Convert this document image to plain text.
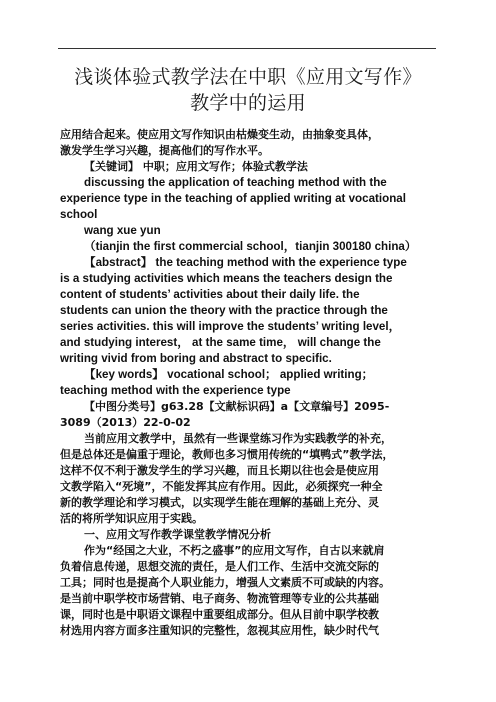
浅谈体验式教学法在中职《应用文写作》
教学中的运用
应用结合起来。使应用文写作知识由枯燥变生动，由抽象变具体，
激发学生学习兴趣，提高他们的写作水平。
【关键词】 中职；应用文写作；体验式教学法
discussing the application of teaching method with the
experience type in the teaching of applied writing at vocational
school
wang xue yun
（tianjin the first commercial school，tianjin 300180 china）
【abstract】 the teaching method with the experience type
is a studying activities which means the teachers design the
content of students’ activities about their daily life. the
students can union the theory with the practice through the
series activities. this will improve the students’ writing level，
and studying interest， at the same time， will change the
writing vivid from boring and abstract to specific.
【key words】 vocational school； applied writing；
teaching method with the experience type
【中图分类号】g63.28【文献标识码】a【文章编号】2095-
3089（2013）22-0-02
当前应用文教学中，虽然有一些课堂练习作为实践教学的补充，
但是总体还是偏重于理论，教师也多习惯用传统的“填鸭式”教学法，
这样不仅不利于激发学生的学习兴趣，而且长期以往也会是使应用
文教学陷入“死境”，不能发挥其应有作用。因此，必须探究一种全
新的教学理论和学习模式，以实现学生能在理解的基础上充分、灵
活的将所学知识应用于实践。
一、应用文写作教学课堂教学情况分析
作为“经国之大业，不朽之盛事”的应用文写作，自古以来就肩
负着信息传递，思想交流的责任，是人们工作、生活中交流交际的
工具；同时也是提高个人职业能力，增强人文素质不可或缺的内容。
是当前中职学校市场营销、电子商务、物流管理等专业的公共基础
课，同时也是中职语文课程中重要组成部分。但从目前中职学校教
材选用内容方面多注重知识的完整性，忽视其应用性，缺少时代气
